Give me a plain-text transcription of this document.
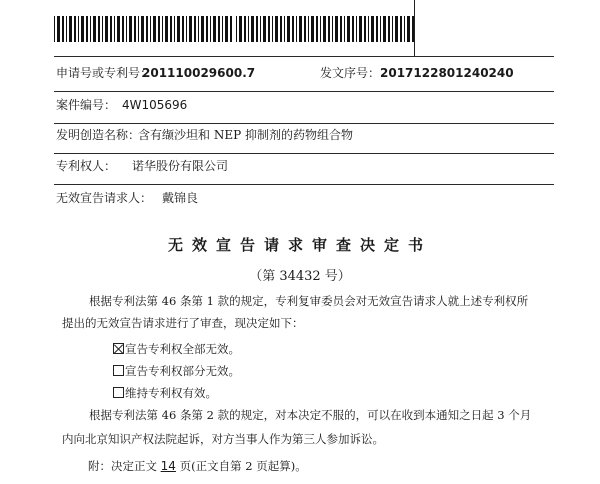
申请号或专利号：
201110029600.7	发文序号： 2017122801240240
案件编号： 4W105696
发明创造名称：
含有缬沙坦和 NEP 抑制剂的药物组合物
专利权人： 诺华股份有限公司
无效宣告请求人： 戴锦良
无效宣告请求审查决定书
（第 34432 号）
根据专利法第 46 条第 1 款的规定，专利复审委员会对无效宣告请求人就上述专利权所
提出的无效宣告请求进行了审查，现决定如下：
宣告专利权全部无效。
宣告专利权部分无效。
维持专利权有效。
根据专利法第 46 条第 2 款的规定，对本决定不服的，可以在收到本通知之日起 3 个月
内向北京知识产权法院起诉，对方当事人作为第三人参加诉讼。
附：决定正文 14 页(正文自第 2 页起算)。
